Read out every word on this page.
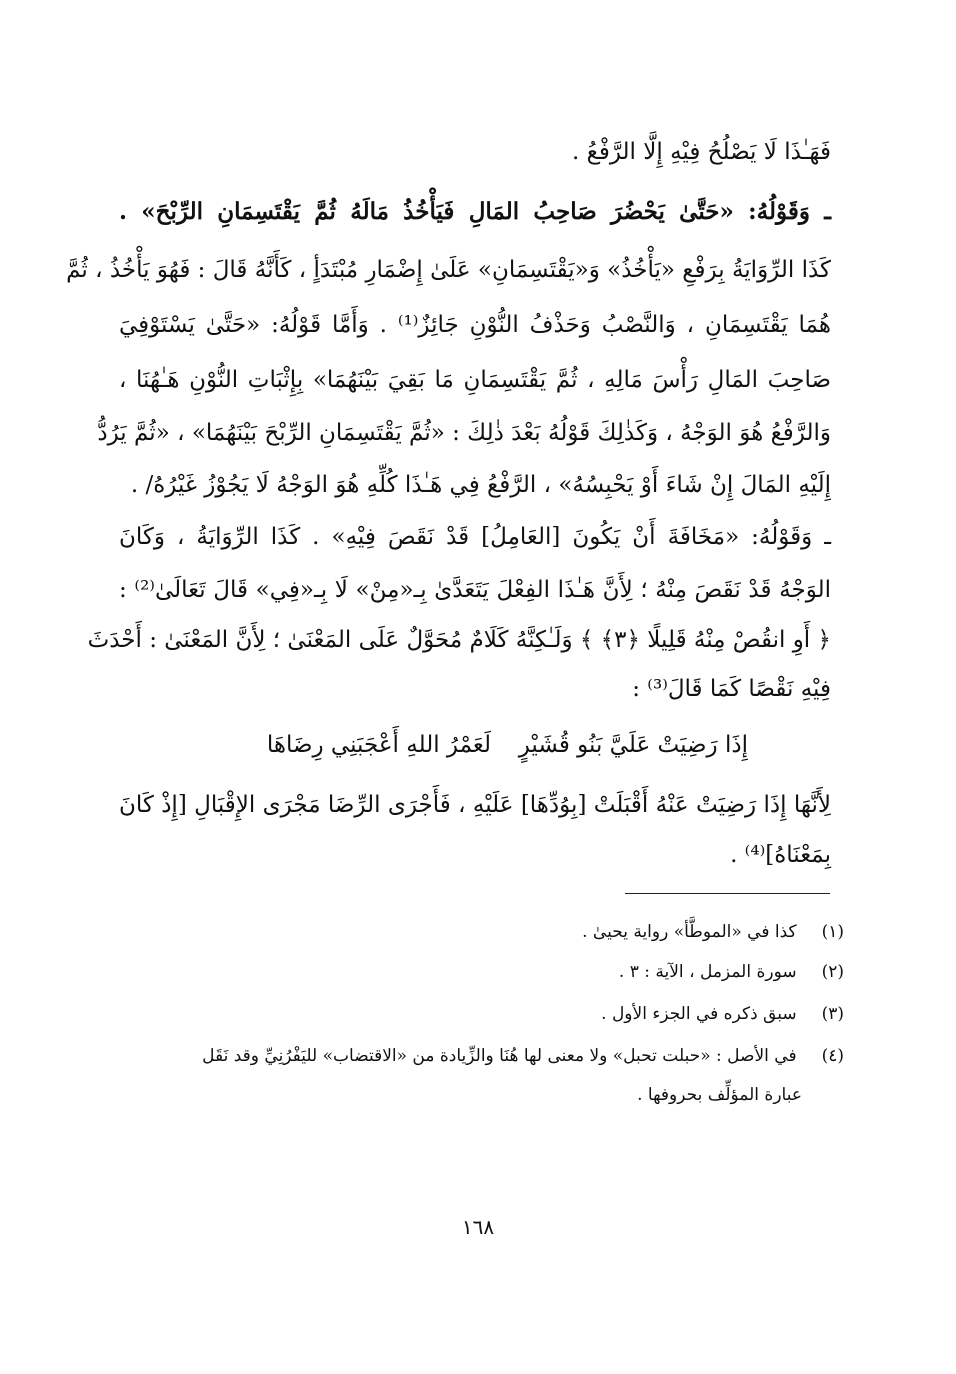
فَهَـٰذَا لَا يَصْلُحُ فِيْهِ إِلَّا الرَّفْعُ .
ـ وَقَوْلُهُ: «حَتَّىٰ يَحْضُرَ صَاحِبُ المَالِ فَيَأْخُذُ مَالَهُ ثُمَّ يَقْتَسِمَانِ الرِّبْحَ» .
كَذَا الرِّوَايَةُ بِرَفْعِ «يَأْخُذُ» وَ«يَقْتَسِمَانِ» عَلَىٰ إِضْمَارِ مُبْتَدَأٍ ، كَأَنَّهُ قَالَ : فَهُوَ يَأْخُذُ ، ثُمَّ
هُمَا يَقْتَسِمَانِ ، وَالنَّصْبُ وَحَذْفُ النُّوْنِ جَائِزٌ⁽¹⁾ . وَأَمَّا قَوْلُهُ: «حَتَّىٰ يَسْتَوْفِيَ
صَاحِبَ المَالِ رَأْسَ مَالِهِ ، ثُمَّ يَقْتَسِمَانِ مَا بَقِيَ بَيْنَهُمَا» بِإِثْبَاتِ النُّوْنِ هَـٰهُنَا ،
وَالرَّفْعُ هُوَ الوَجْهُ ، وَكَذٰلِكَ قَوْلُهُ بَعْدَ ذٰلِكَ : «ثُمَّ يَقْتَسِمَانِ الرِّبْحَ بَيْنَهُمَا» ، «ثُمَّ يَرُدُّ
إِلَيْهِ المَالَ إِنْ شَاءَ أَوْ يَحْبِسُهُ» ، الرَّفْعُ فِي هَـٰذَا كُلِّهِ هُوَ الوَجْهُ لَا يَجُوْزُ غَيْرُهُ/ .
ـ وَقَوْلُهُ: «مَخَافَةَ أَنْ يَكُونَ [العَامِلُ] قَدْ نَقَصَ فِيْهِ» . كَذَا الرِّوَايَةُ ، وَكَانَ
الوَجْهُ قَدْ نَقَصَ مِنْهُ ؛ لِأَنَّ هَـٰذَا الفِعْلَ يَتَعَدَّىٰ بِـ«مِنْ» لَا بِـ«فِي» قَالَ تَعَالَىٰ⁽²⁾ :
﴿ أَوِ انقُصْ مِنْهُ قَلِيلًا ﴿٣﴾ ﴾ وَلَـٰكِنَّهُ كَلَامٌ مُحَوَّلٌ عَلَى المَعْنَىٰ ؛ لِأَنَّ المَعْنَىٰ : أَحْدَثَ
فِيْهِ نَقْصًا كَمَا قَالَ⁽³⁾ :
إِذَا رَضِيَتْ عَلَيَّ بَنُو قُشَيْرٍ
لَعَمْرُ اللهِ أَعْجَبَنِي رِضَاهَا
لِأَنَّهَا إِذَا رَضِيَتْ عَنْهُ أَقْبَلَتْ [بِوُدِّهَا] عَلَيْهِ ، فَأَجْرَى الرِّضَا مَجْرَى الإِقْبَالِ [إِذْ كَانَ
بِمَعْنَاهُ]⁽⁴⁾ .
(١) كذا في «الموطَّأ» رواية يحيىٰ .
(٢) سورة المزمل ، الآية : ٣ .
(٣) سبق ذكره في الجزء الأول .
(٤) في الأصل : «حبلت تحبل» ولا معنى لها هُنَا والزِّيادة من «الاقتضاب» لليَفْرُنِيِّ وقد نَقَل
عبارة المؤلِّف بحروفها .
١٦٨
